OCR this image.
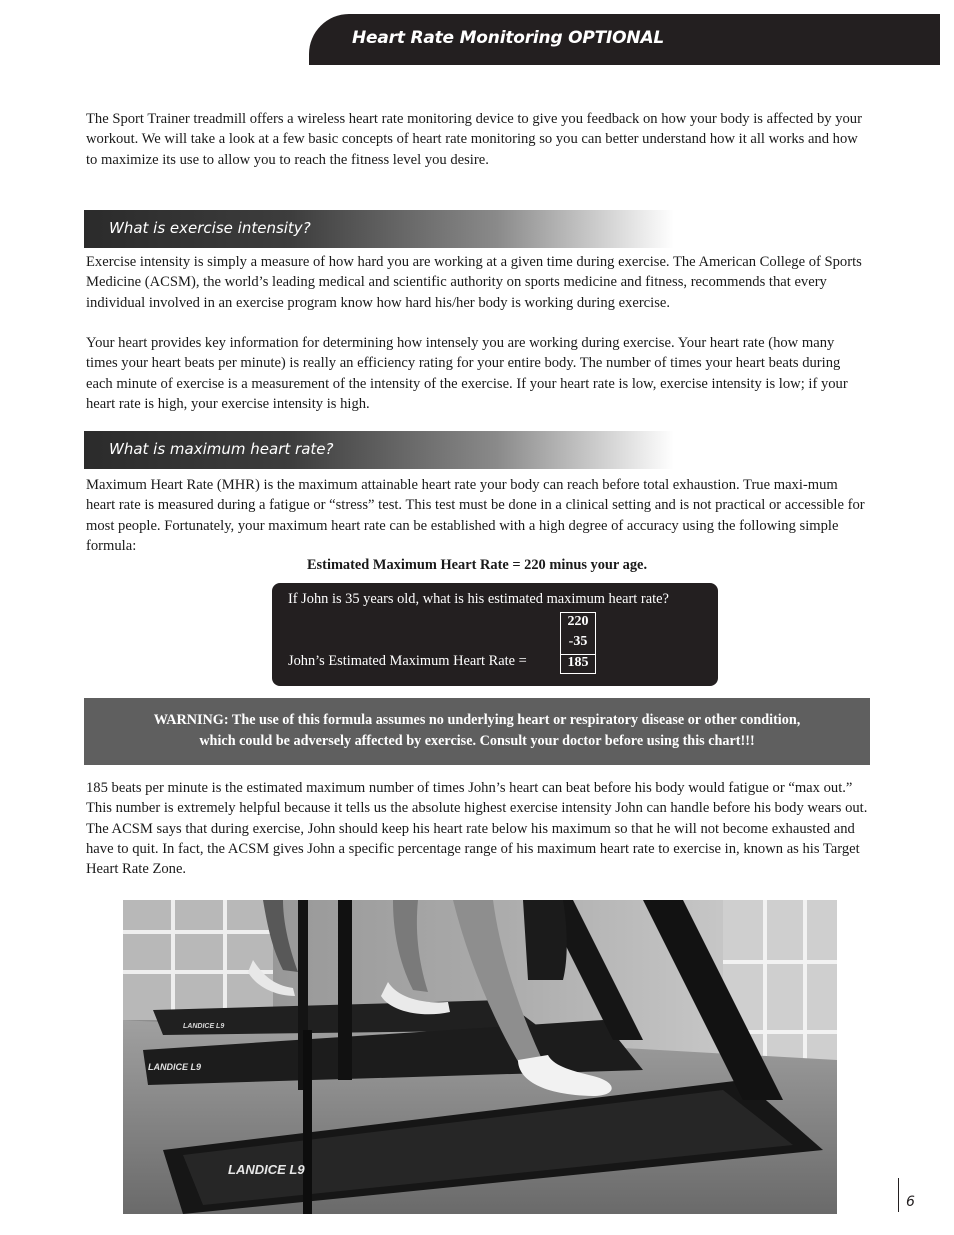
Heart Rate Monitoring OPTIONAL

The Sport Trainer treadmill offers a wireless heart rate monitoring device to give you feedback on how your body is affected by your workout. We will take a look at a few basic concepts of heart rate monitoring so you can better understand how it all works and how to maximize its use to allow you to reach the fitness level you desire.

What is exercise intensity?

Exercise intensity is simply a measure of how hard you are working at a given time during exercise. The American College of Sports Medicine (ACSM), the world’s leading medical and scientific authority on sports medicine and fitness, recommends that every individual involved in an exercise program know how hard his/her body is working during exercise.

Your heart provides key information for determining how intensely you are working during exercise. Your heart rate (how many times your heart beats per minute) is really an efficiency rating for your entire body. The number of times your heart beats during each minute of exercise is a measurement of the intensity of the exercise. If your heart rate is low, exercise intensity is low; if your heart rate is high, your exercise intensity is high.

What is maximum heart rate?

Maximum Heart Rate (MHR) is the maximum attainable heart rate your body can reach before total exhaustion. True maxi-mum heart rate is measured during a fatigue or “stress” test. This test must be done in a clinical setting and is not practical or accessible for most people. Fortunately, your maximum heart rate can be established with a high degree of accuracy using the following simple formula:

Estimated Maximum Heart Rate = 220 minus your age.
If John is 35 years old, what is his estimated maximum heart rate?
220
-35
185
John’s Estimated Maximum Heart Rate =
WARNING: The use of this formula assumes no underlying heart or respiratory disease or other condition,
which could be adversely affected by exercise. Consult your doctor before using this chart!!!

185 beats per minute is the estimated maximum number of times John’s heart can beat before his body would fatigue or “max out.” This number is extremely helpful because it tells us the absolute highest exercise intensity John can handle before his body wears out. The ACSM says that during exercise, John should keep his heart rate below his maximum so that he will not become exhausted and have to quit. In fact, the ACSM gives John a specific percentage range of his maximum heart rate to exercise in, known as his Target Heart Rate Zone.

LANDICE L9
LANDICE L9
LANDICE L9
6
